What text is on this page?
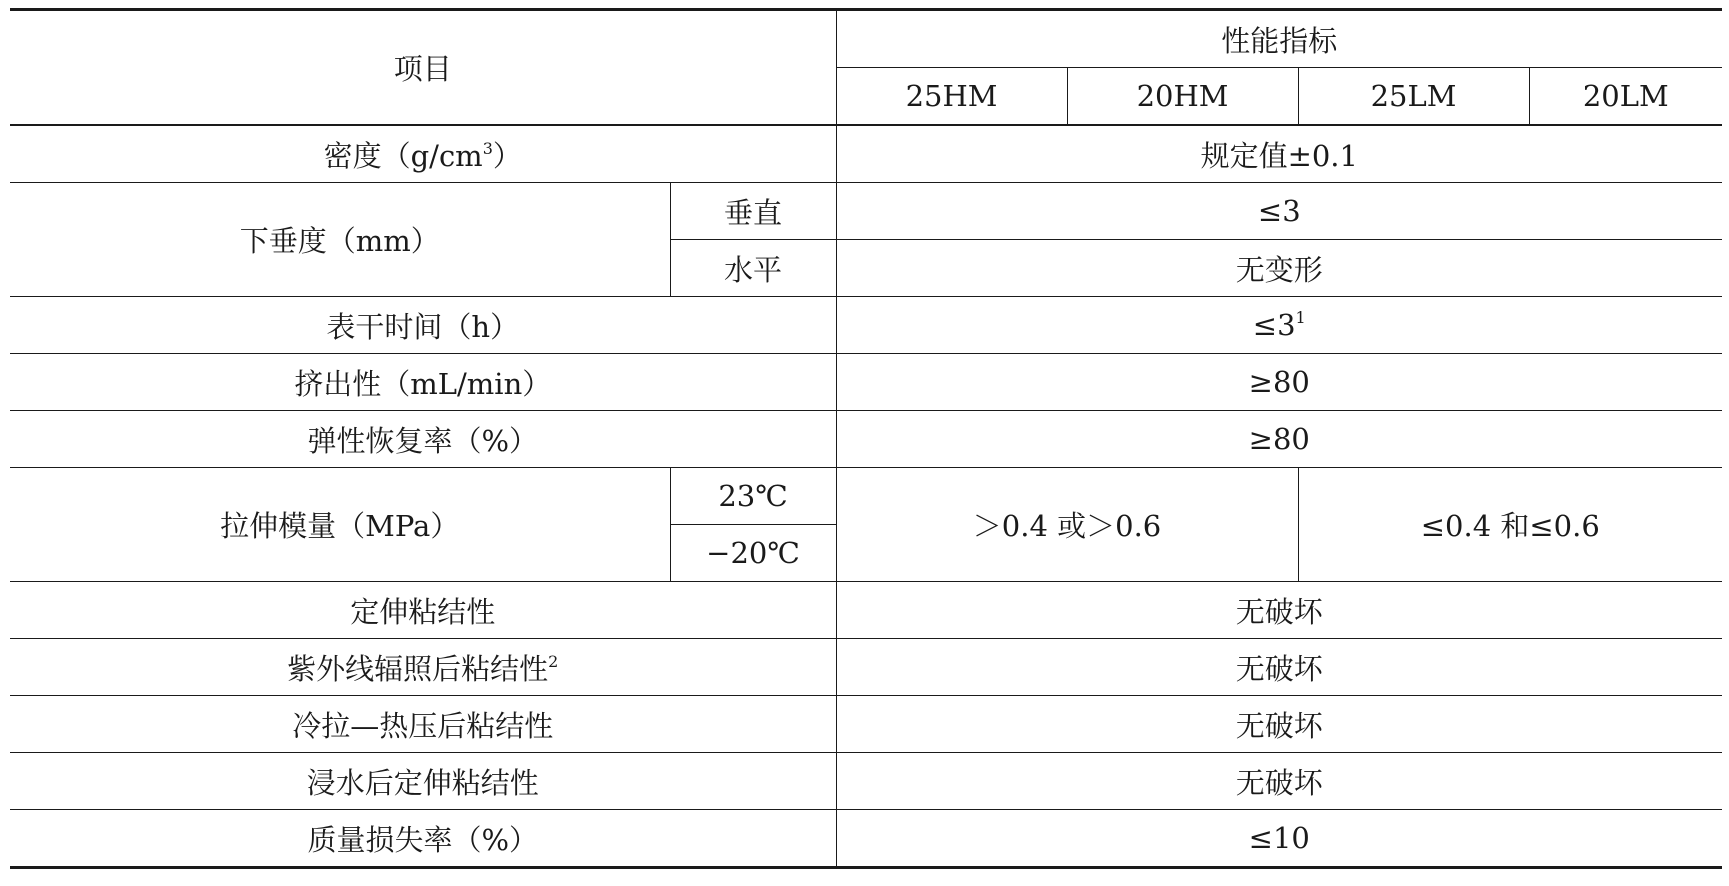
项目		性能指标			
		25HM	20HM	25LM	20LM
密度$(g/cm^3)$		规定值±0.1			
下垂度（mm）	垂直	≤3			
	水平	无变形			
表干时间（h）		$\le 3^1$
挤出性（mL/min）		≥80			
弹性恢复率（%）		≥80			
拉伸模量（MPa）	23℃	＞0.4 或＞0.6		≤0.4 和≤0.6	
	−20℃				
定伸粘结性		无破坏			
紫外线辐照后粘结性$^2$		无破坏			
冷拉—热压后粘结性		无破坏			
浸水后定伸粘结性		无破坏			
质量损失率（%）		≤10			
